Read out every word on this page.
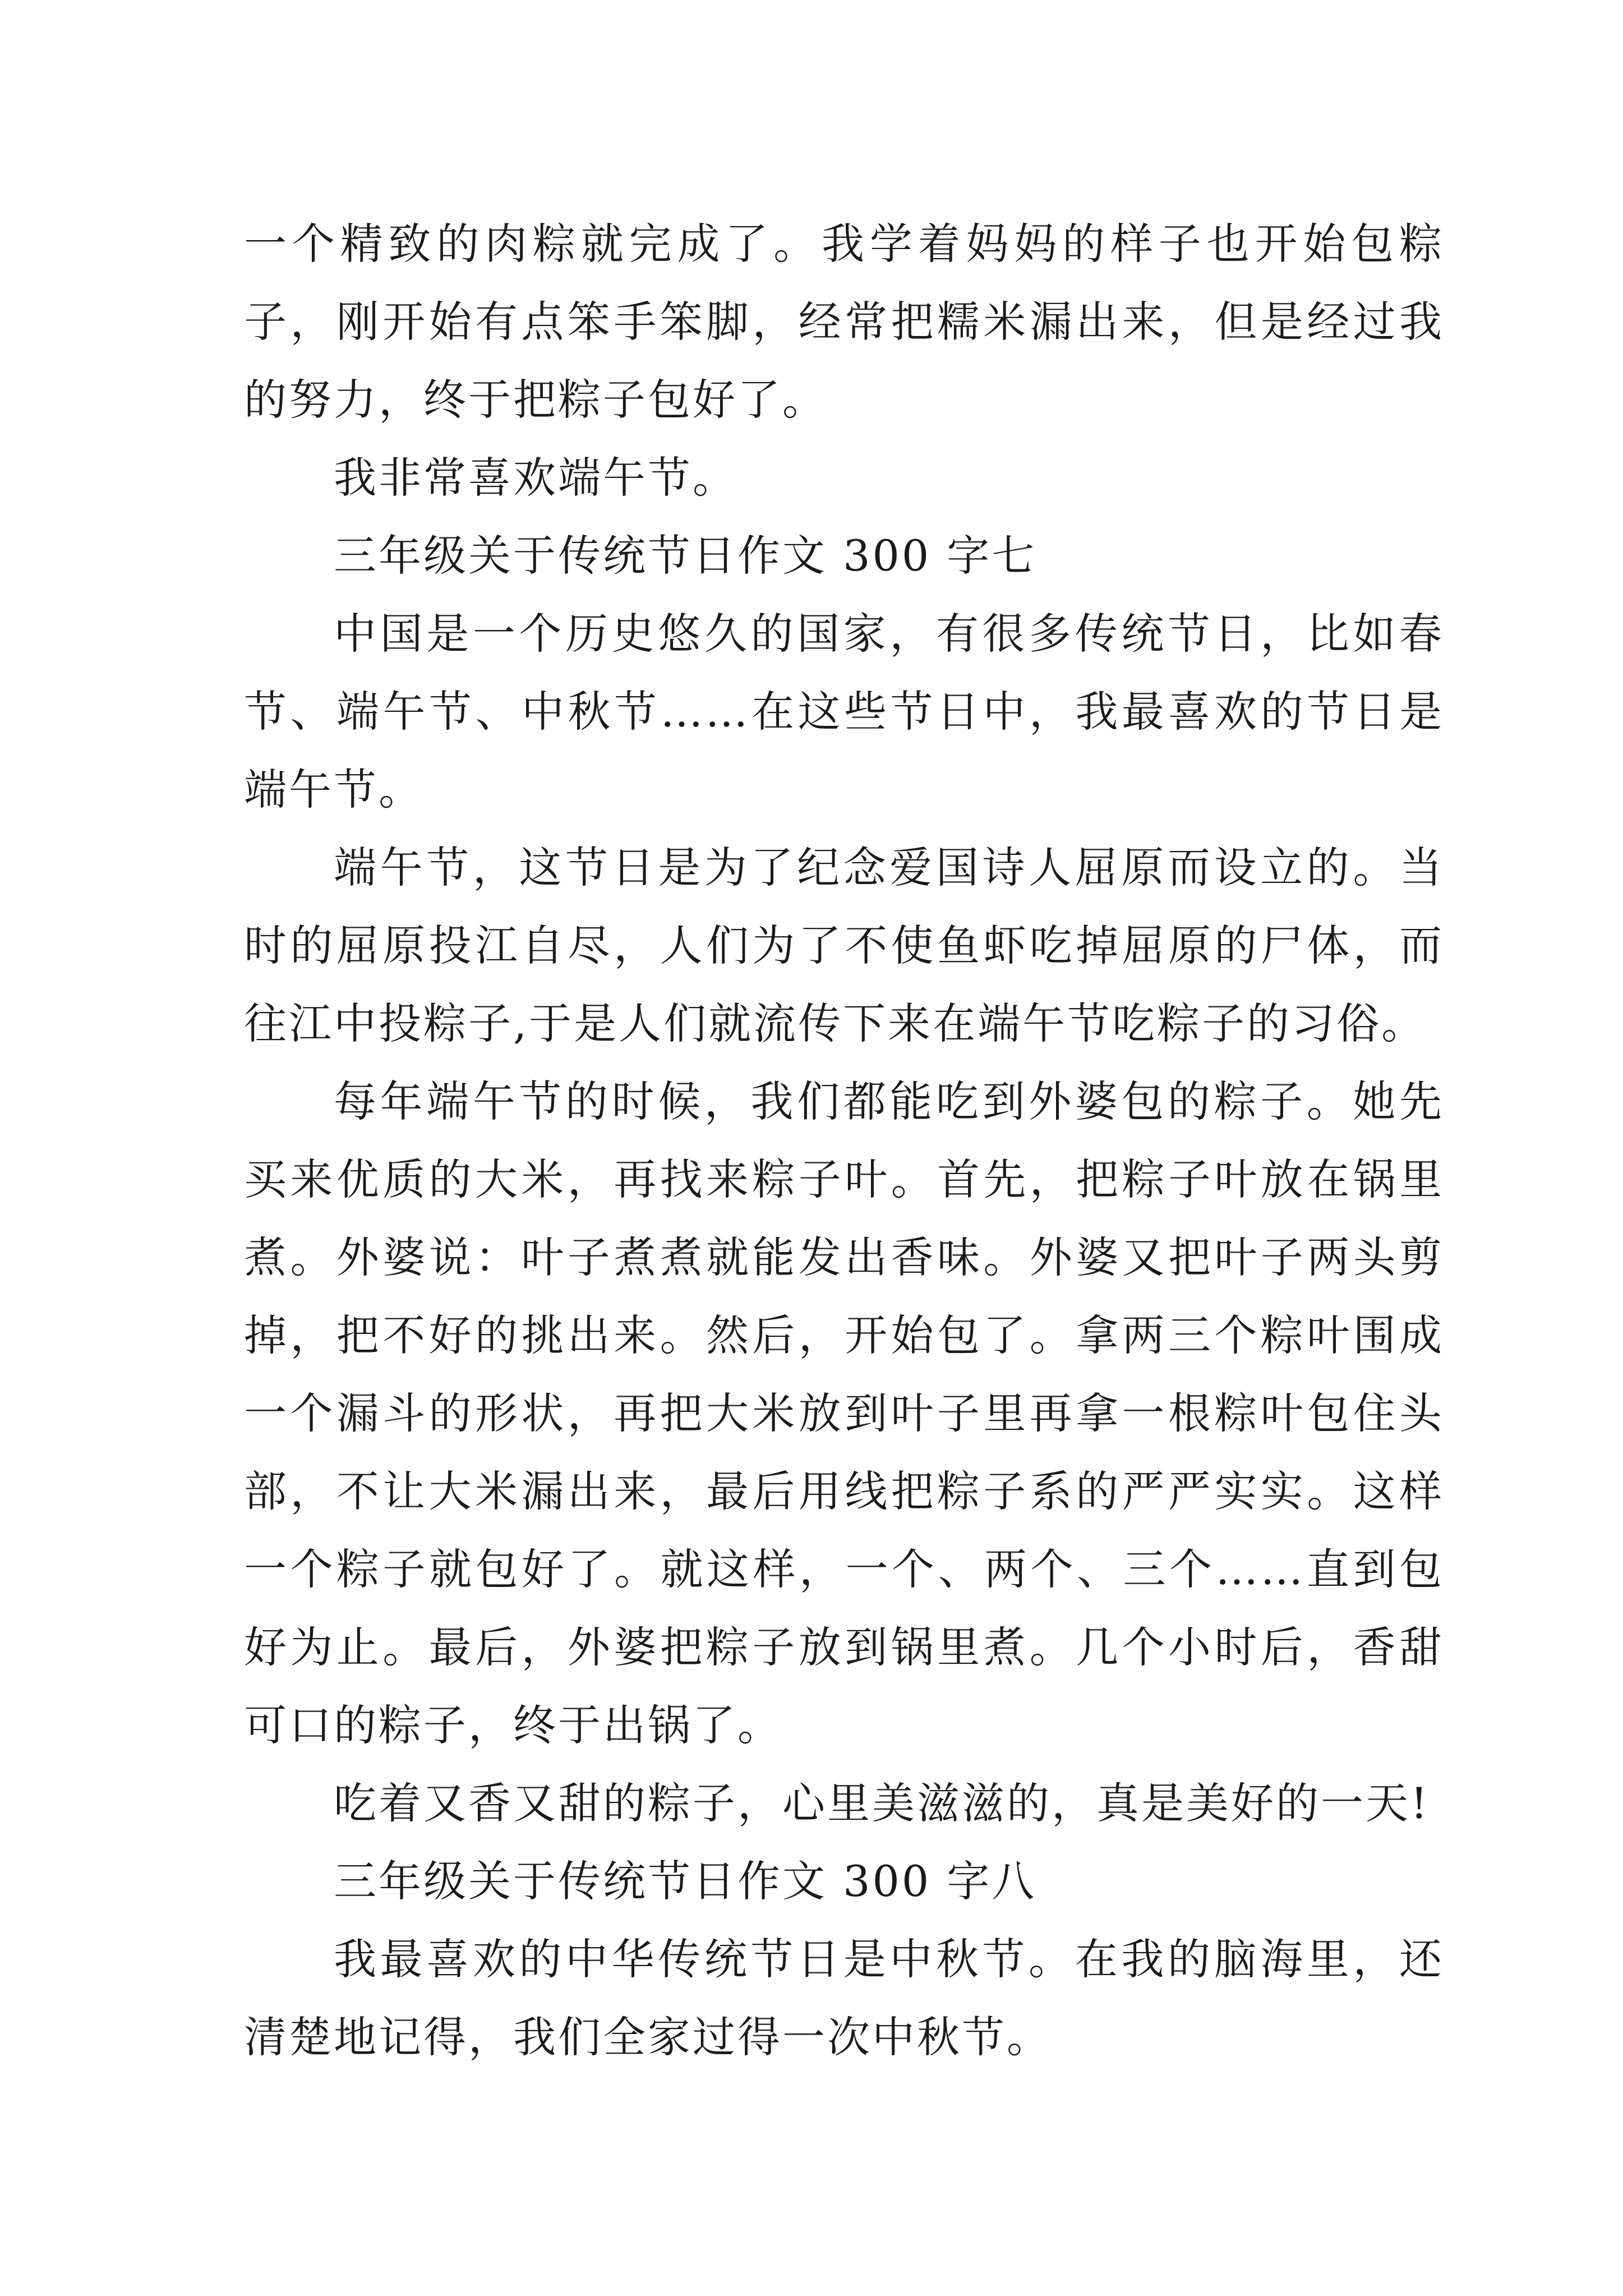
一个精致的肉粽就完成了。我学着妈妈的样子也开始包粽子，刚开始有点笨手笨脚，经常把糯米漏出来，但是经过我的努力，终于把粽子包好了。

我非常喜欢端午节。

三年级关于传统节日作文 300 字七

中国是一个历史悠久的国家，有很多传统节日，比如春节、端午节、中秋节……在这些节日中，我最喜欢的节日是端午节。

端午节，这节日是为了纪念爱国诗人屈原而设立的。当时的屈原投江自尽，人们为了不使鱼虾吃掉屈原的尸体，而往江中投粽子,于是人们就流传下来在端午节吃粽子的习俗。

每年端午节的时候，我们都能吃到外婆包的粽子。她先买来优质的大米，再找来粽子叶。首先，把粽子叶放在锅里煮。外婆说：叶子煮煮就能发出香味。外婆又把叶子两头剪掉，把不好的挑出来。然后，开始包了。拿两三个粽叶围成一个漏斗的形状，再把大米放到叶子里再拿一根粽叶包住头部，不让大米漏出来，最后用线把粽子系的严严实实。这样一个粽子就包好了。就这样，一个、两个、三个……直到包好为止。最后，外婆把粽子放到锅里煮。几个小时后，香甜可口的粽子，终于出锅了。

吃着又香又甜的粽子，心里美滋滋的，真是美好的一天!

三年级关于传统节日作文 300 字八

我最喜欢的中华传统节日是中秋节。在我的脑海里，还清楚地记得，我们全家过得一次中秋节。
